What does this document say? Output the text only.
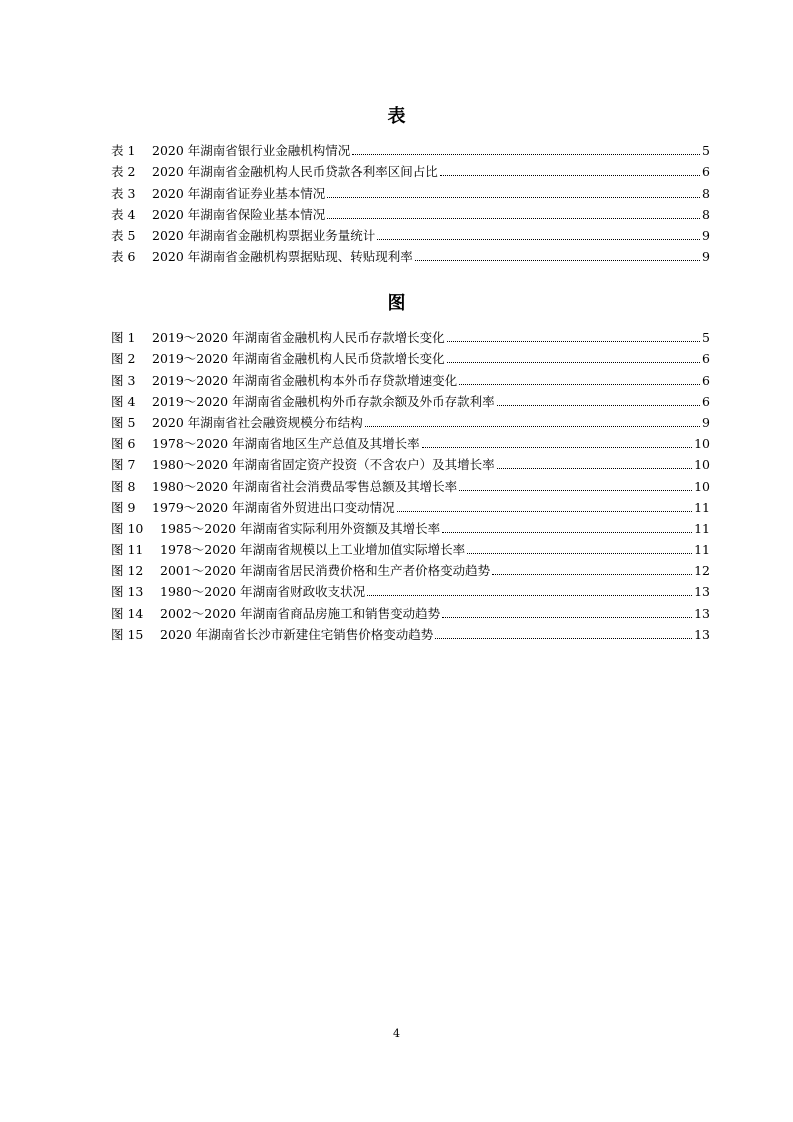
表
表 1	2020 年湖南省银行业金融机构情况	5
表 2	2020 年湖南省金融机构人民币贷款各利率区间占比	6
表 3	2020 年湖南省证券业基本情况	8
表 4	2020 年湖南省保险业基本情况	8
表 5	2020 年湖南省金融机构票据业务量统计	9
表 6	2020 年湖南省金融机构票据贴现、转贴现利率	9
图
图 1	2019～2020 年湖南省金融机构人民币存款增长变化	5
图 2	2019～2020 年湖南省金融机构人民币贷款增长变化	6
图 3	2019～2020 年湖南省金融机构本外币存贷款增速变化	6
图 4	2019～2020 年湖南省金融机构外币存款余额及外币存款利率	6
图 5	2020 年湖南省社会融资规模分布结构	9
图 6	1978～2020 年湖南省地区生产总值及其增长率	10
图 7	1980～2020 年湖南省固定资产投资（不含农户）及其增长率	10
图 8	1980～2020 年湖南省社会消费品零售总额及其增长率	10
图 9	1979～2020 年湖南省外贸进出口变动情况	11
图 10	1985～2020 年湖南省实际利用外资额及其增长率	11
图 11	1978～2020 年湖南省规模以上工业增加值实际增长率	11
图 12	2001～2020 年湖南省居民消费价格和生产者价格变动趋势	12
图 13	1980～2020 年湖南省财政收支状况	13
图 14	2002～2020 年湖南省商品房施工和销售变动趋势	13
图 15	2020 年湖南省长沙市新建住宅销售价格变动趋势	13
4
